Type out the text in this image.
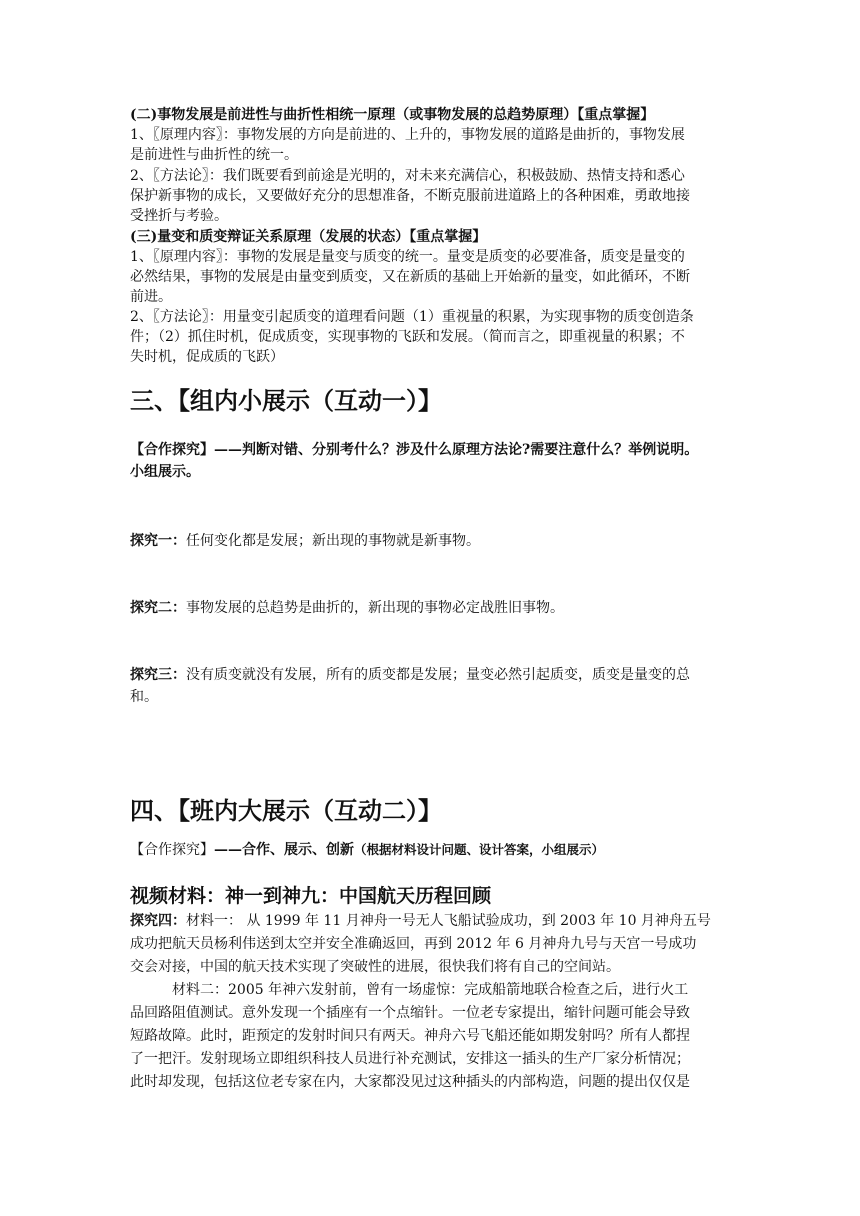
(二)事物发展是前进性与曲折性相统一原理（或事物发展的总趋势原理）【重点掌握】
1、〖原理内容〗：事物发展的方向是前进的、上升的，事物发展的道路是曲折的，事物发展
是前进性与曲折性的统一。
2、〖方法论〗：我们既要看到前途是光明的，对未来充满信心，积极鼓励、热情支持和悉心
保护新事物的成长，又要做好充分的思想准备，不断克服前进道路上的各种困难，勇敢地接
受挫折与考验。
(三)量变和质变辩证关系原理（发展的状态）【重点掌握】
1、〖原理内容〗：事物的发展是量变与质变的统一。量变是质变的必要准备，质变是量变的
必然结果，事物的发展是由量变到质变，又在新质的基础上开始新的量变，如此循环，不断
前进。
2、〖方法论〗：用量变引起质变的道理看问题（1）重视量的积累，为实现事物的质变创造条
件；（2）抓住时机，促成质变，实现事物的飞跃和发展。（简而言之，即重视量的积累；不
失时机，促成质的飞跃）
三、【组内小展示（互动一）】
【合作探究】——判断对错、分别考什么？涉及什么原理方法论?需要注意什么？举例说明。
小组展示。
探究一：任何变化都是发展；新出现的事物就是新事物。
探究二：事物发展的总趋势是曲折的，新出现的事物必定战胜旧事物。
探究三：没有质变就没有发展，所有的质变都是发展；量变必然引起质变，质变是量变的总
和。
四、【班内大展示（互动二）】
【合作探究】——合作、展示、创新（根据材料设计问题、设计答案，小组展示）
视频材料：神一到神九：中国航天历程回顾
探究四：材料一： 从 1999 年 11 月神舟一号无人飞船试验成功，到 2003 年 10 月神舟五号
成功把航天员杨利伟送到太空并安全准确返回，再到 2012 年 6 月神舟九号与天宫一号成功
交会对接，中国的航天技术实现了突破性的进展，很快我们将有自己的空间站。
材料二：2005 年神六发射前，曾有一场虚惊：完成船箭地联合检查之后，进行火工
品回路阻值测试。意外发现一个插座有一个点缩针。一位老专家提出，缩针问题可能会导致
短路故障。此时，距预定的发射时间只有两天。神舟六号飞船还能如期发射吗？所有人都捏
了一把汗。发射现场立即组织科技人员进行补充测试，安排这一插头的生产厂家分析情况；
此时却发现，包括这位老专家在内，大家都没见过这种插头的内部构造，问题的提出仅仅是
